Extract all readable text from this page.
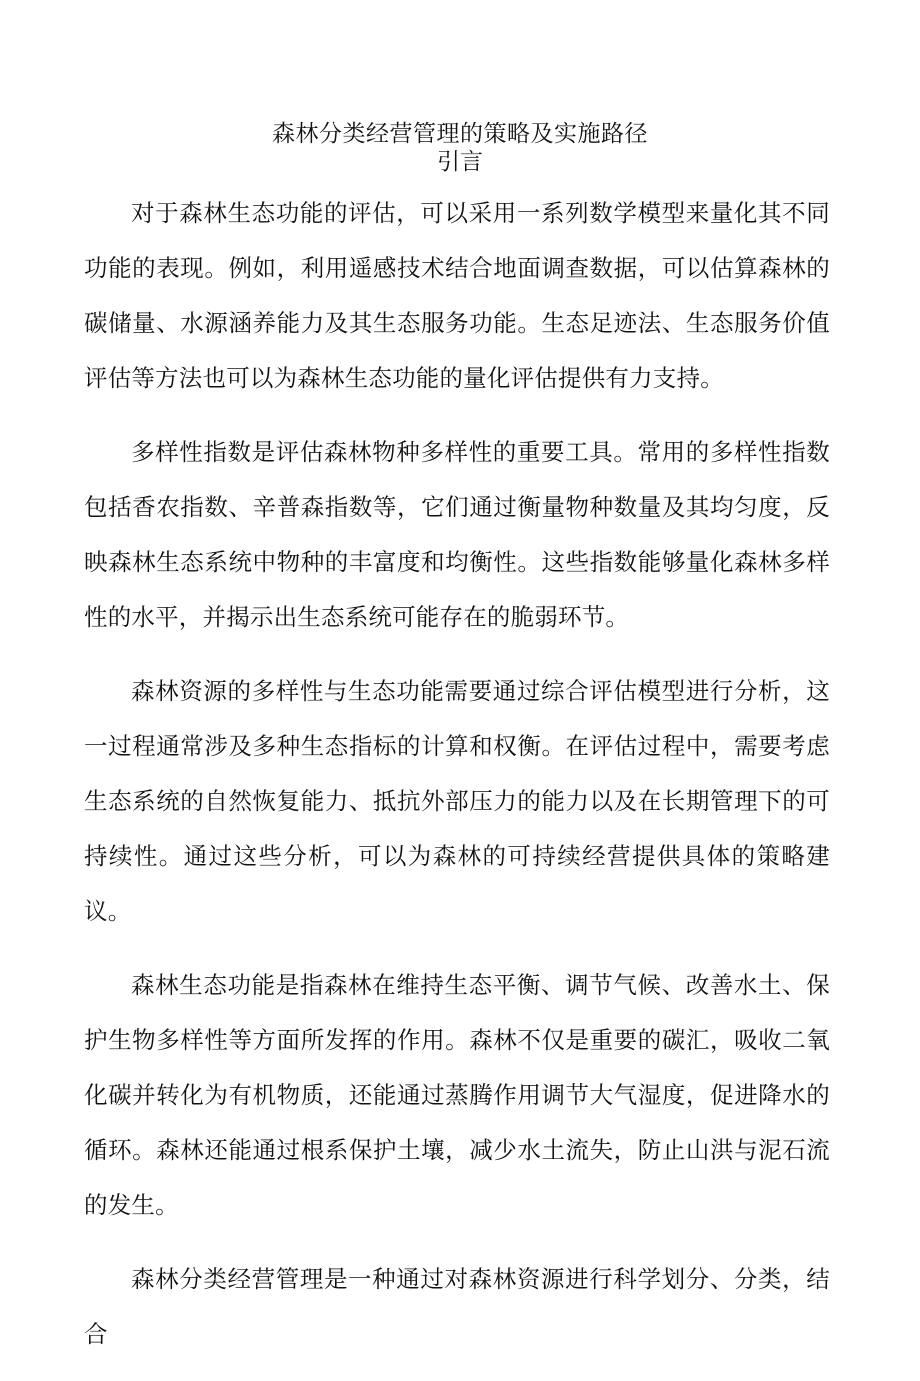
森林分类经营管理的策略及实施路径
引言

对于森林生态功能的评估，可以采用一系列数学模型来量化其不同功能的表现。例如，利用遥感技术结合地面调查数据，可以估算森林的碳储量、水源涵养能力及其生态服务功能。生态足迹法、生态服务价值评估等方法也可以为森林生态功能的量化评估提供有力支持。

多样性指数是评估森林物种多样性的重要工具。常用的多样性指数包括香农指数、辛普森指数等，它们通过衡量物种数量及其均匀度，反映森林生态系统中物种的丰富度和均衡性。这些指数能够量化森林多样性的水平，并揭示出生态系统可能存在的脆弱环节。

森林资源的多样性与生态功能需要通过综合评估模型进行分析，这一过程通常涉及多种生态指标的计算和权衡。在评估过程中，需要考虑生态系统的自然恢复能力、抵抗外部压力的能力以及在长期管理下的可持续性。通过这些分析，可以为森林的可持续经营提供具体的策略建议。

森林生态功能是指森林在维持生态平衡、调节气候、改善水土、保护生物多样性等方面所发挥的作用。森林不仅是重要的碳汇，吸收二氧化碳并转化为有机物质，还能通过蒸腾作用调节大气湿度，促进降水的循环。森林还能通过根系保护土壤，减少水土流失，防止山洪与泥石流的发生。

森林分类经营管理是一种通过对森林资源进行科学划分、分类，结合
